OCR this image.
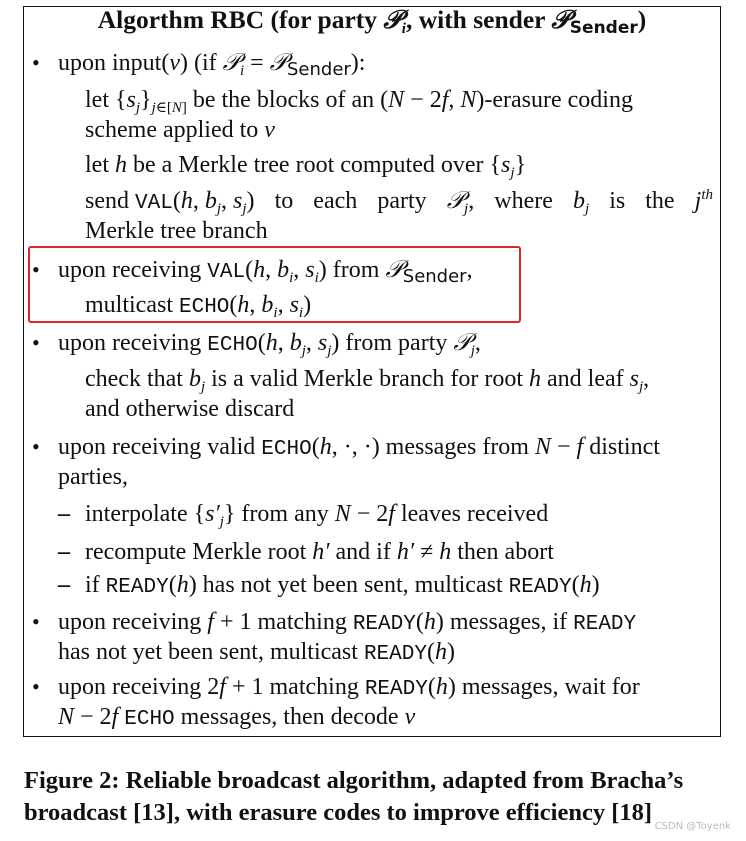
Algorthm RBC (for party 𝒫$_i$, with sender 𝒫$_{Sender}$)
• upon input(v) (if 𝒫$_i$ = 𝒫$_{Sender}$):
let $\{s_j\}_{j\in[N]}$ be the blocks of an (N − 2f, N)-erasure coding
scheme applied to v
let h be a Merkle tree root computed over $\{s_j\}$
send VAL(h, $b_j$, $s_j$) to each party 𝒫$_j$, where $b_j$ is the $j^{th}$
Merkle tree branch
• upon receiving VAL(h, $b_i$, $s_i$) from 𝒫$_{Sender}$,
multicast ECHO(h, $b_i$, $s_i$)
• upon receiving ECHO(h, $b_j$, $s_j$) from party 𝒫$_j$,
check that $b_j$ is a valid Merkle branch for root h and leaf $s_j$,
and otherwise discard
• upon receiving valid ECHO(h, ·, ·) messages from N − f distinct
parties,
– interpolate $\{s'_j\}$ from any N − 2f leaves received
– recompute Merkle root h′ and if h′ ≠ h then abort
– if READY(h) has not yet been sent, multicast READY(h)
• upon receiving f + 1 matching READY(h) messages, if READY
has not yet been sent, multicast READY(h)
• upon receiving 2f + 1 matching READY(h) messages, wait for
N − 2f ECHO messages, then decode v
Figure 2: Reliable broadcast algorithm, adapted from Bracha’s
broadcast [13], with erasure codes to improve efficiency [18]
CSDN @Toyenk
